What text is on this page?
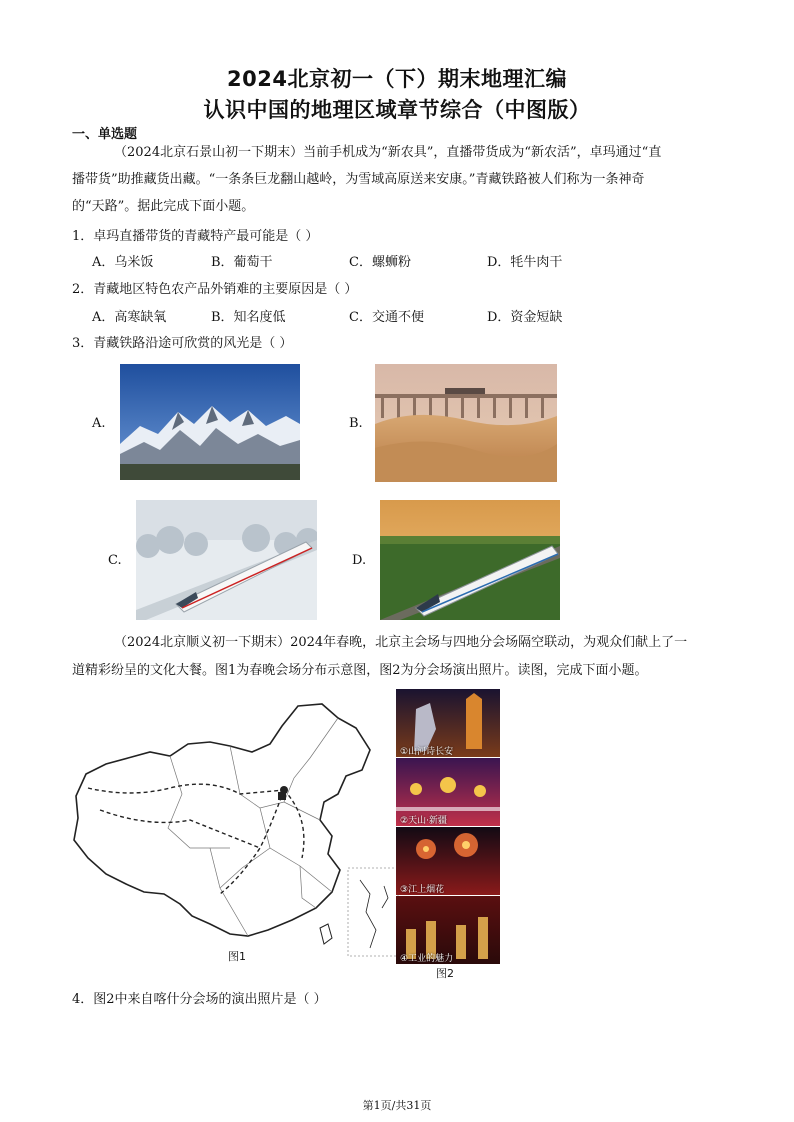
2024北京初一（下）期末地理汇编
认识中国的地理区域章节综合（中图版）
一、单选题
（2024北京石景山初一下期末）当前手机成为“新农具”，直播带货成为“新农活”，卓玛通过“直
播带货”助推藏货出藏。“一条条巨龙翻山越岭，为雪域高原送来安康。”青藏铁路被人们称为一条神奇
的“天路”。据此完成下面小题。
1．卓玛直播带货的青藏特产最可能是（ ）
A．乌米饭	B．葡萄干	C．螺蛳粉	D．牦牛肉干
2．青藏地区特色农产品外销难的主要原因是（ ）
A．高寒缺氧	B．知名度低	C．交通不便	D．资金短缺
3．青藏铁路沿途可欣赏的风光是（ ）
A.	B.
C.	D.
（2024北京顺义初一下期末）2024年春晚，北京主会场与四地分会场隔空联动，为观众们献上了一
道精彩纷呈的文化大餐。图1为春晚会场分布示意图，图2为分会场演出照片。读图，完成下面小题。
图1
①山河诗长安
②天山·新疆
③江上烟花
④工业的魅力
图2
4．图2中来自喀什分会场的演出照片是（ ）
第1页/共31页
